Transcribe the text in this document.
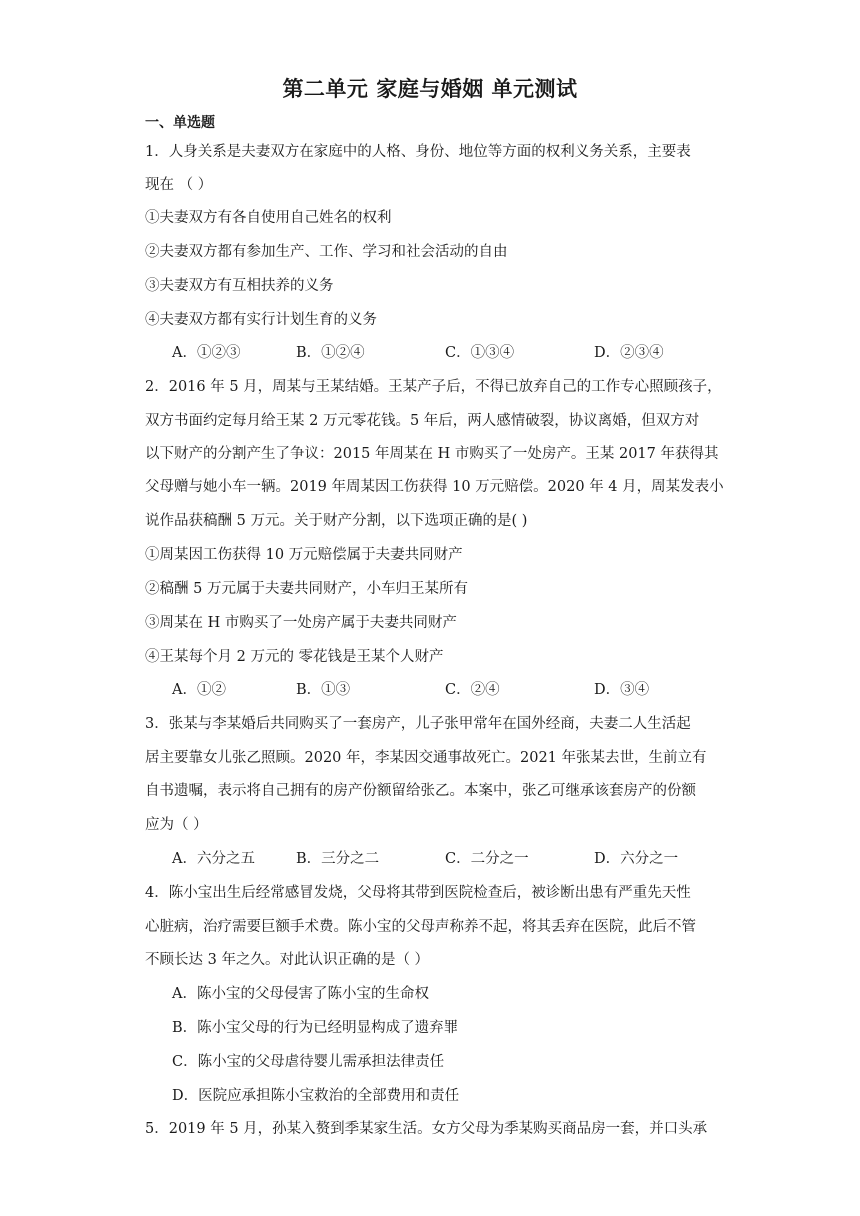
第二单元 家庭与婚姻 单元测试
一、单选题
1．人身关系是夫妻双方在家庭中的人格、身份、地位等方面的权利义务关系，主要表
现在 （ ）
①夫妻双方有各自使用自己姓名的权利
②夫妻双方都有参加生产、工作、学习和社会活动的自由
③夫妻双方有互相扶养的义务
④夫妻双方都有实行计划生育的义务
A．①②③	B．①②④	C．①③④	D．②③④
2．2016 年 5 月，周某与王某结婚。王某产子后，不得已放弃自己的工作专心照顾孩子，
双方书面约定每月给王某 2 万元零花钱。5 年后，两人感情破裂，协议离婚，但双方对
以下财产的分割产生了争议：2015 年周某在 H 市购买了一处房产。王某 2017 年获得其
父母赠与她小车一辆。2019 年周某因工伤获得 10 万元赔偿。2020 年 4 月，周某发表小
说作品获稿酬 5 万元。关于财产分割，以下选项正确的是( )
①周某因工伤获得 10 万元赔偿属于夫妻共同财产
②稿酬 5 万元属于夫妻共同财产，小车归王某所有
③周某在 H 市购买了一处房产属于夫妻共同财产
④王某每个月 2 万元的 零花钱是王某个人财产
A．①②	B．①③	C．②④	D．③④
3．张某与李某婚后共同购买了一套房产，儿子张甲常年在国外经商，夫妻二人生活起
居主要靠女儿张乙照顾。2020 年，李某因交通事故死亡。2021 年张某去世，生前立有
自书遗嘱，表示将自己拥有的房产份额留给张乙。本案中，张乙可继承该套房产的份额
应为（ ）
A．六分之五	B．三分之二	C．二分之一	D．六分之一
4．陈小宝出生后经常感冒发烧，父母将其带到医院检查后，被诊断出患有严重先天性
心脏病，治疗需要巨额手术费。陈小宝的父母声称养不起，将其丢弃在医院，此后不管
不顾长达 3 年之久。对此认识正确的是（ ）
A．陈小宝的父母侵害了陈小宝的生命权
B．陈小宝父母的行为已经明显构成了遗弃罪
C．陈小宝的父母虐待婴儿需承担法律责任
D．医院应承担陈小宝救治的全部费用和责任
5．2019 年 5 月，孙某入赘到季某家生活。女方父母为季某购买商品房一套，并口头承
